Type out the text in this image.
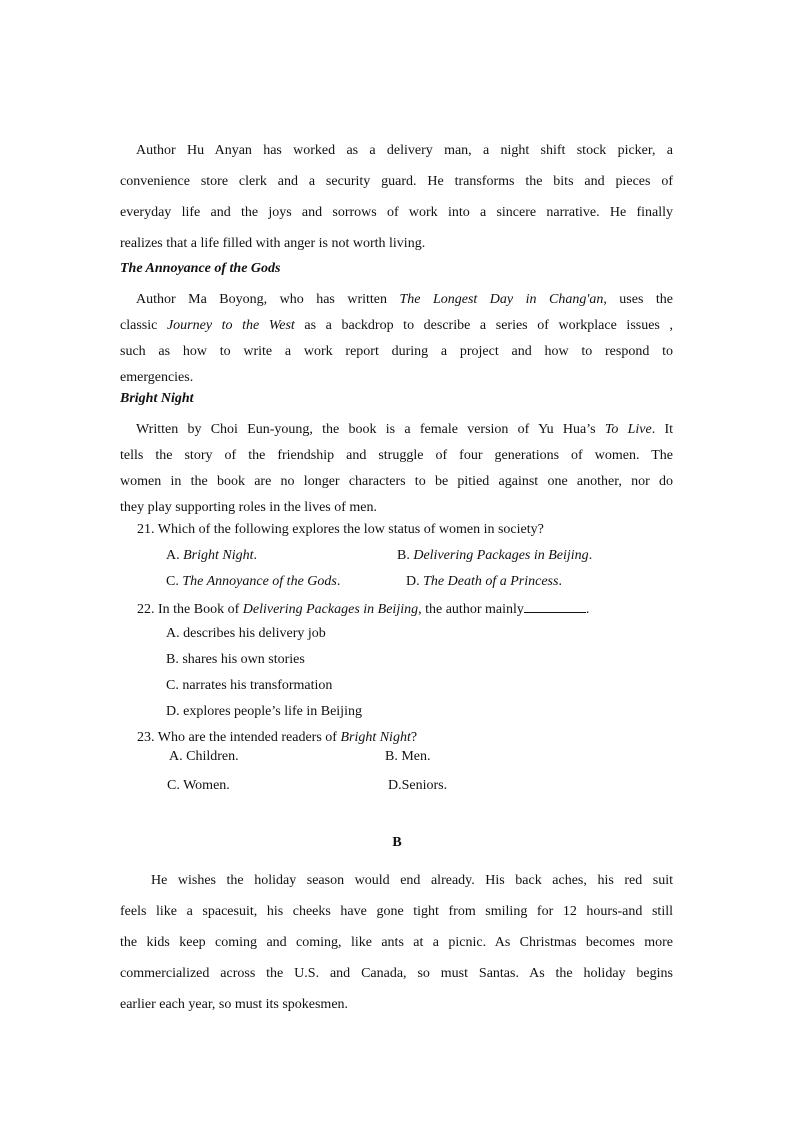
Author Hu Anyan has worked as a delivery man, a night shift stock picker, a
convenience store clerk and a security guard. He transforms the bits and pieces of
everyday life and the joys and sorrows of work into a sincere narrative. He finally
realizes that a life filled with anger is not worth living.
The Annoyance of the Gods
Author Ma Boyong, who has written The Longest Day in Chang'an, uses the
classic Journey to the West as a backdrop to describe a series of workplace issues ,
such as how to write a work report during a project and how to respond to
emergencies.
Bright Night
Written by Choi Eun-young, the book is a female version of Yu Hua’s To Live. It
tells the story of the friendship and struggle of four generations of women. The
women in the book are no longer characters to be pitied against one another, nor do
they play supporting roles in the lives of men.
21. Which of the following explores the low status of women in society?
A. Bright Night.	B. Delivering Packages in Beijing.
C. The Annoyance of the Gods.	D. The Death of a Princess.
22. In the Book of Delivering Packages in Beijing, the author mainly	.
A. describes his delivery job
B. shares his own stories
C. narrates his transformation
D. explores people’s life in Beijing
23. Who are the intended readers of Bright Night?
A. Children.	B. Men.
C. Women.	D.Seniors.
B
He wishes the holiday season would end already. His back aches, his red suit
feels like a spacesuit, his cheeks have gone tight from smiling for 12 hours-and still
the kids keep coming and coming, like ants at a picnic. As Christmas becomes more
commercialized across the U.S. and Canada, so must Santas. As the holiday begins
earlier each year, so must its spokesmen.
